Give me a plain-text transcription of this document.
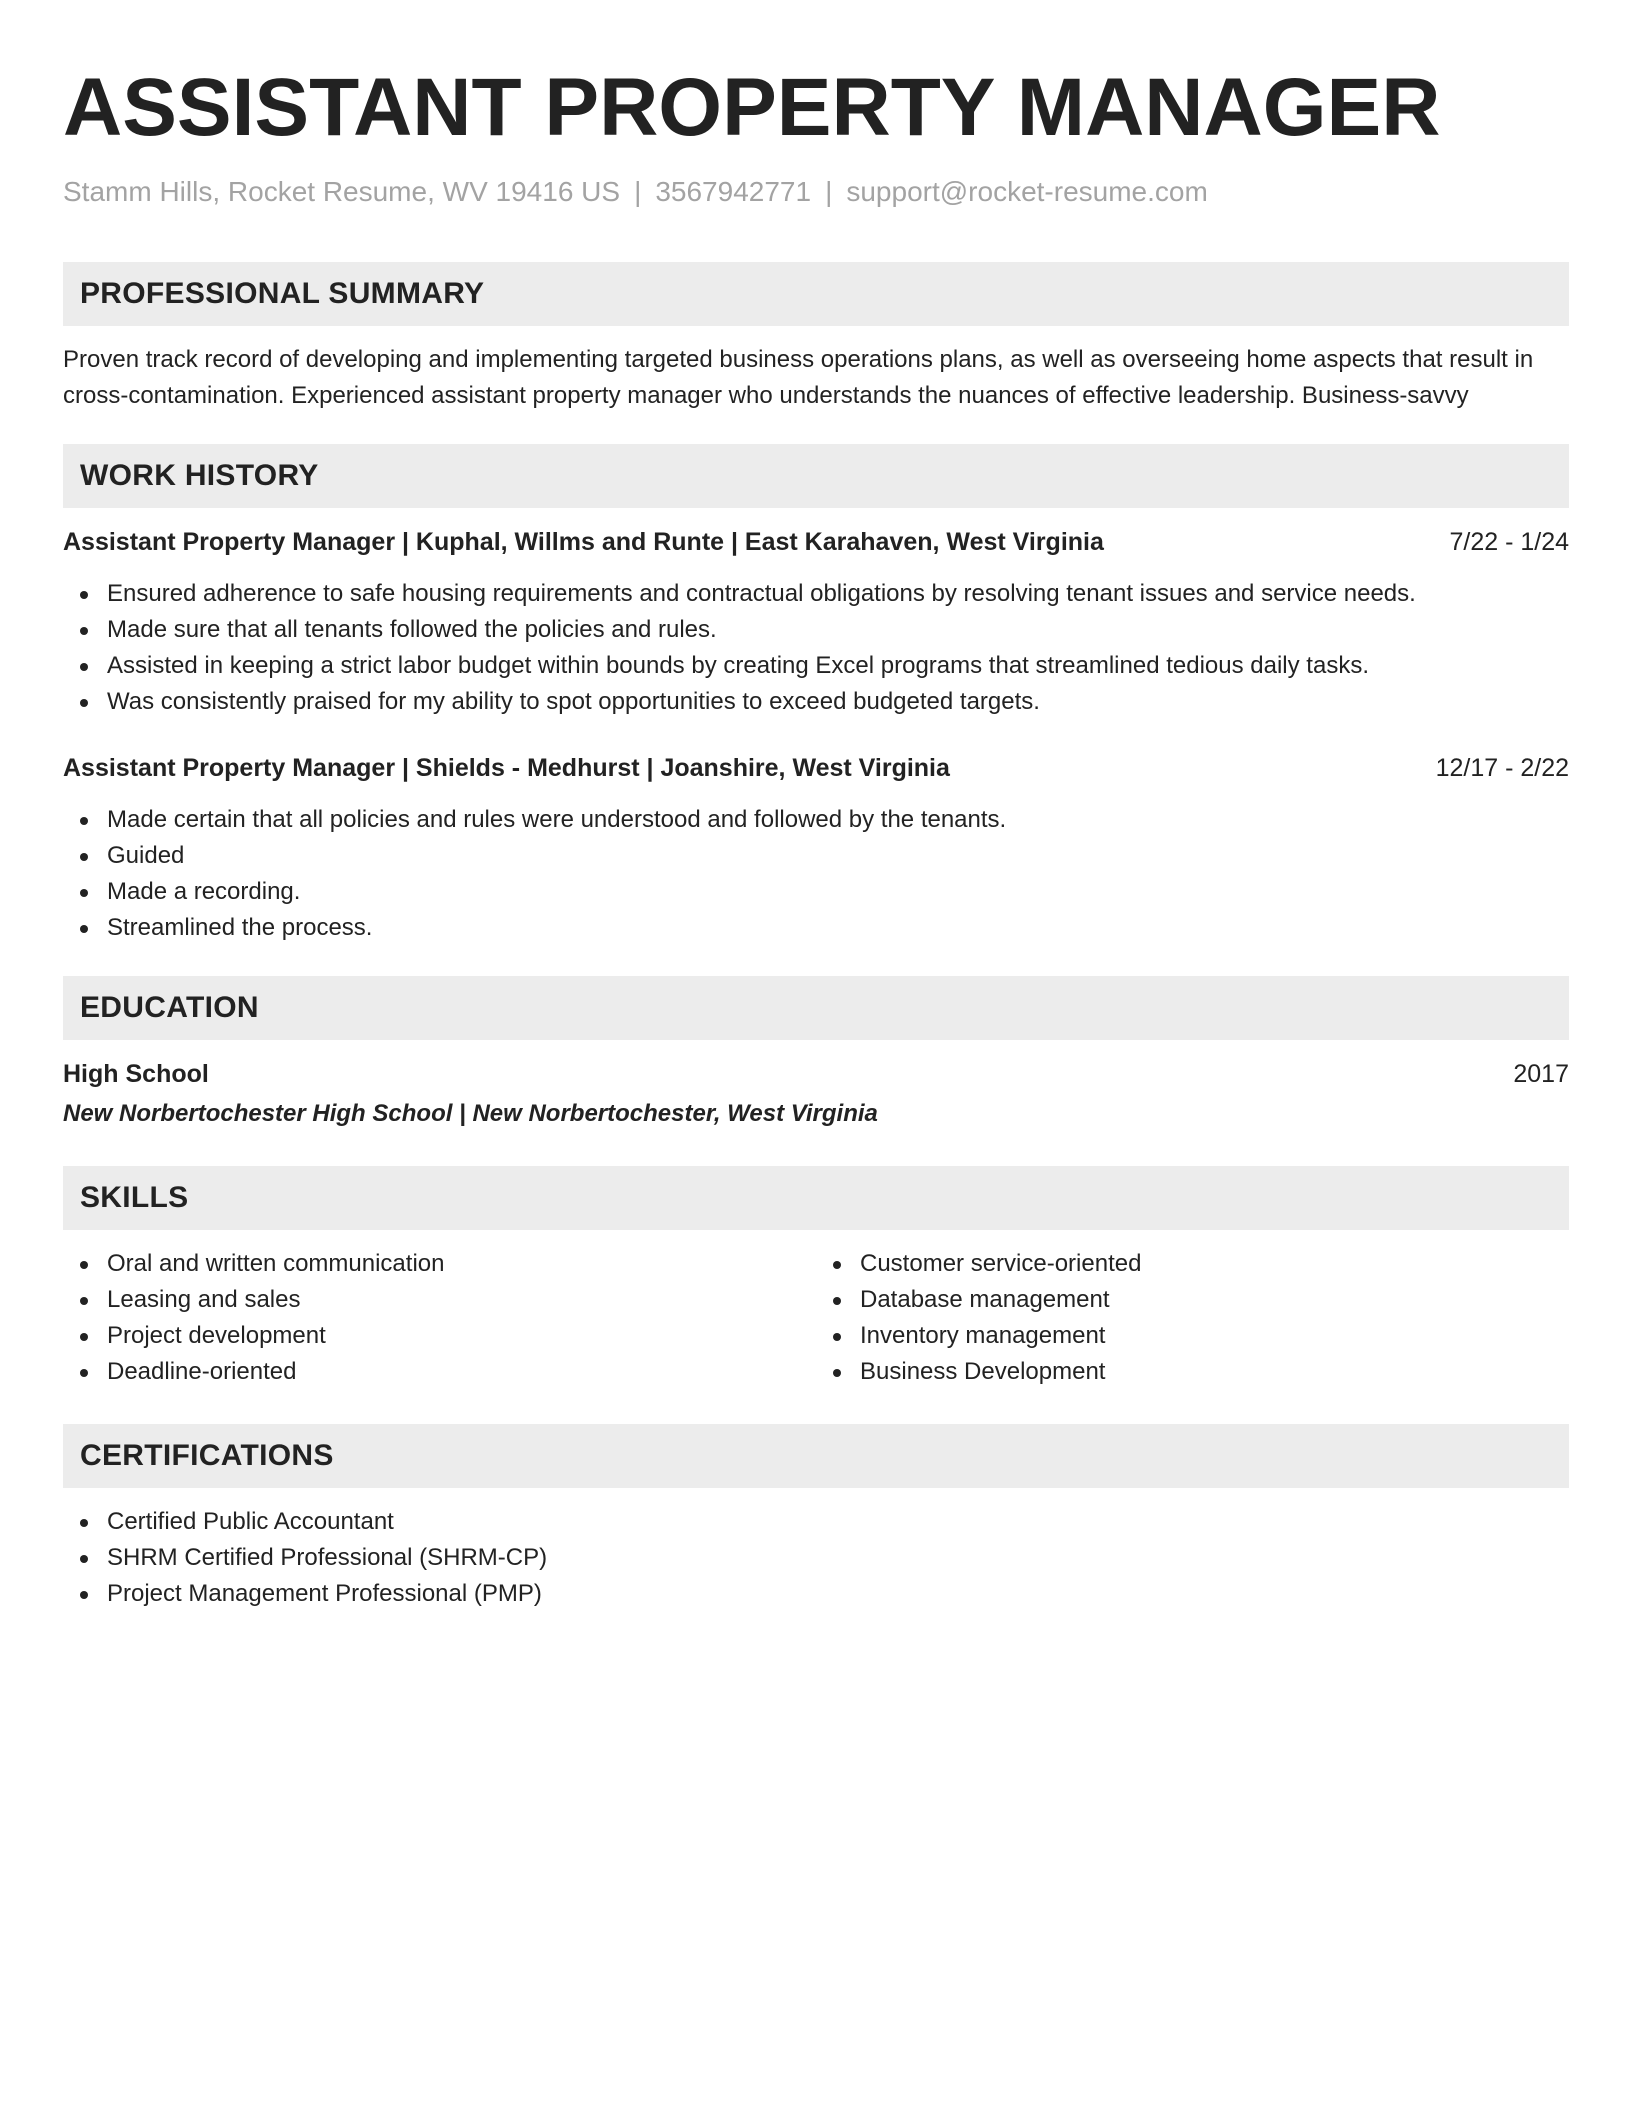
ASSISTANT PROPERTY MANAGER
Stamm Hills, Rocket Resume, WV 19416 US | 3567942771 | support@rocket-resume.com
PROFESSIONAL SUMMARY
Proven track record of developing and implementing targeted business operations plans, as well as overseeing home aspects that result in cross-contamination. Experienced assistant property manager who understands the nuances of effective leadership. Business-savvy
WORK HISTORY
Assistant Property Manager | Kuphal, Willms and Runte | East Karahaven, West Virginia	7/22 - 1/24
Ensured adherence to safe housing requirements and contractual obligations by resolving tenant issues and service needs.
Made sure that all tenants followed the policies and rules.
Assisted in keeping a strict labor budget within bounds by creating Excel programs that streamlined tedious daily tasks.
Was consistently praised for my ability to spot opportunities to exceed budgeted targets.
Assistant Property Manager | Shields - Medhurst | Joanshire, West Virginia	12/17 - 2/22
Made certain that all policies and rules were understood and followed by the tenants.
Guided
Made a recording.
Streamlined the process.
EDUCATION
High School	2017
New Norbertochester High School | New Norbertochester, West Virginia
SKILLS
Oral and written communication
Leasing and sales
Project development
Deadline-oriented
Customer service-oriented
Database management
Inventory management
Business Development
CERTIFICATIONS
Certified Public Accountant
SHRM Certified Professional (SHRM-CP)
Project Management Professional (PMP)
